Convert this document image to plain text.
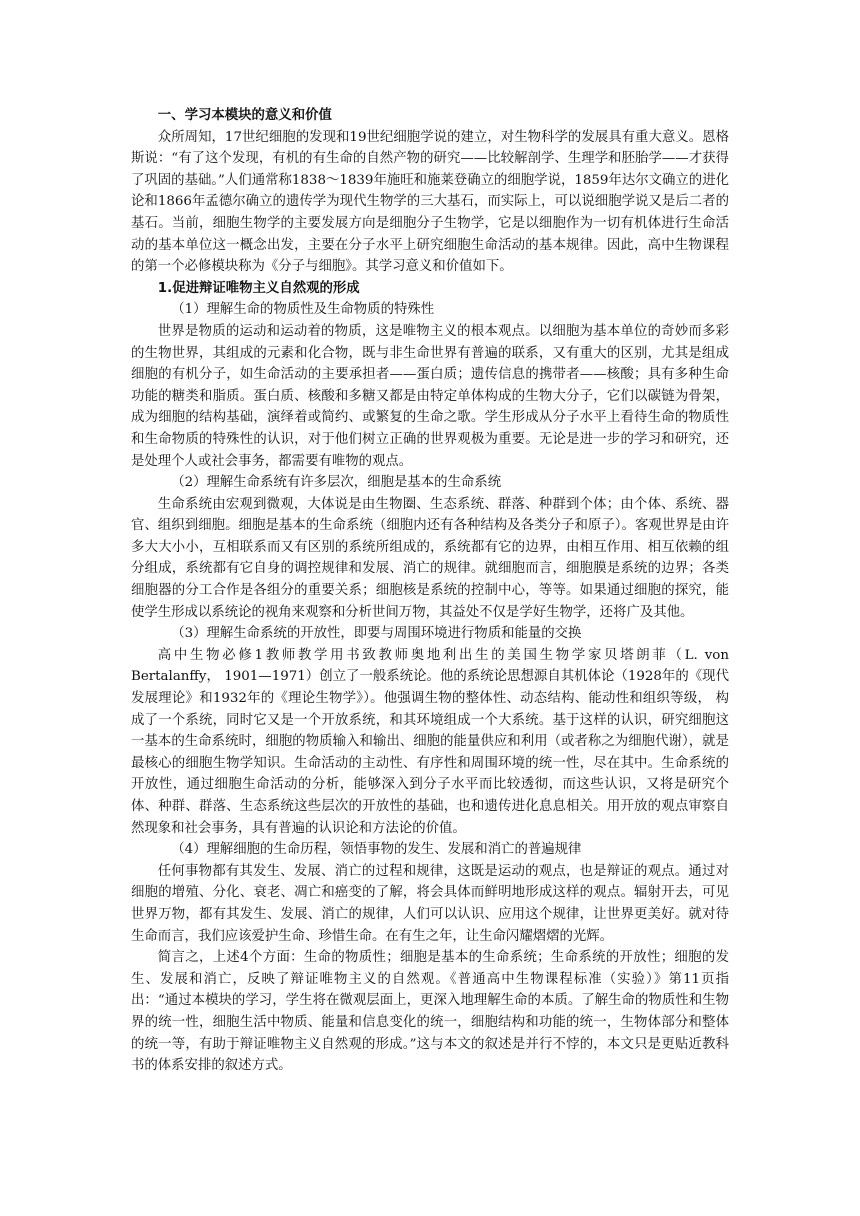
一、学习本模块的意义和价值

众所周知，17世纪细胞的发现和19世纪细胞学说的建立，对生物科学的发展具有重大意义。恩格斯说：“有了这个发现，有机的有生命的自然产物的研究——比较解剖学、生理学和胚胎学——才获得了巩固的基础。”人们通常称1838～1839年施旺和施莱登确立的细胞学说，1859年达尔文确立的进化论和1866年孟德尔确立的遗传学为现代生物学的三大基石，而实际上，可以说细胞学说又是后二者的基石。当前，细胞生物学的主要发展方向是细胞分子生物学，它是以细胞作为一切有机体进行生命活动的基本单位这一概念出发，主要在分子水平上研究细胞生命活动的基本规律。因此，高中生物课程的第一个必修模块称为《分子与细胞》。其学习意义和价值如下。

1.促进辩证唯物主义自然观的形成

（1）理解生命的物质性及生命物质的特殊性

世界是物质的运动和运动着的物质，这是唯物主义的根本观点。以细胞为基本单位的奇妙而多彩的生物世界，其组成的元素和化合物，既与非生命世界有普遍的联系，又有重大的区别，尤其是组成细胞的有机分子，如生命活动的主要承担者——蛋白质；遗传信息的携带者——核酸；具有多种生命功能的糖类和脂质。蛋白质、核酸和多糖又都是由特定单体构成的生物大分子，它们以碳链为骨架，成为细胞的结构基础，演绎着或简约、或繁复的生命之歌。学生形成从分子水平上看待生命的物质性和生命物质的特殊性的认识，对于他们树立正确的世界观极为重要。无论是进一步的学习和研究，还是处理个人或社会事务，都需要有唯物的观点。

（2）理解生命系统有许多层次，细胞是基本的生命系统

生命系统由宏观到微观，大体说是由生物圈、生态系统、群落、种群到个体；由个体、系统、器官、组织到细胞。细胞是基本的生命系统（细胞内还有各种结构及各类分子和原子）。客观世界是由许多大大小小，互相联系而又有区别的系统所组成的，系统都有它的边界，由相互作用、相互依赖的组分组成，系统都有它自身的调控规律和发展、消亡的规律。就细胞而言，细胞膜是系统的边界；各类细胞器的分工合作是各组分的重要关系；细胞核是系统的控制中心，等等。如果通过细胞的探究，能使学生形成以系统论的视角来观察和分析世间万物，其益处不仅是学好生物学，还将广及其他。

（3）理解生命系统的开放性，即要与周围环境进行物质和能量的交换

高中生物必修1教师教学用书致教师奥地利出生的美国生物学家贝塔朗菲（L. von Bertalanffy， 1901—1971）创立了一般系统论。他的系统论思想源自其机体论（1928年的《现代发展理论》和1932年的《理论生物学》）。他强调生物的整体性、动态结构、能动性和组织等级， 构成了一个系统，同时它又是一个开放系统，和其环境组成一个大系统。基于这样的认识，研究细胞这一基本的生命系统时，细胞的物质输入和输出、细胞的能量供应和利用（或者称之为细胞代谢），就是最核心的细胞生物学知识。生命活动的主动性、有序性和周围环境的统一性，尽在其中。生命系统的开放性，通过细胞生命活动的分析，能够深入到分子水平而比较透彻，而这些认识，又将是研究个体、种群、群落、生态系统这些层次的开放性的基础，也和遗传进化息息相关。用开放的观点审察自然现象和社会事务，具有普遍的认识论和方法论的价值。

（4）理解细胞的生命历程，领悟事物的发生、发展和消亡的普遍规律

任何事物都有其发生、发展、消亡的过程和规律，这既是运动的观点，也是辩证的观点。通过对细胞的增殖、分化、衰老、凋亡和癌变的了解，将会具体而鲜明地形成这样的观点。辐射开去，可见世界万物，都有其发生、发展、消亡的规律，人们可以认识、应用这个规律，让世界更美好。就对待生命而言，我们应该爱护生命、珍惜生命。在有生之年，让生命闪耀熠熠的光辉。

简言之，上述4个方面：生命的物质性；细胞是基本的生命系统；生命系统的开放性；细胞的发生、发展和消亡，反映了辩证唯物主义的自然观。《普通高中生物课程标准（实验）》第11页指出：“通过本模块的学习，学生将在微观层面上，更深入地理解生命的本质。了解生命的物质性和生物界的统一性，细胞生活中物质、能量和信息变化的统一，细胞结构和功能的统一，生物体部分和整体的统一等，有助于辩证唯物主义自然观的形成。”这与本文的叙述是并行不悖的，本文只是更贴近教科书的体系安排的叙述方式。
